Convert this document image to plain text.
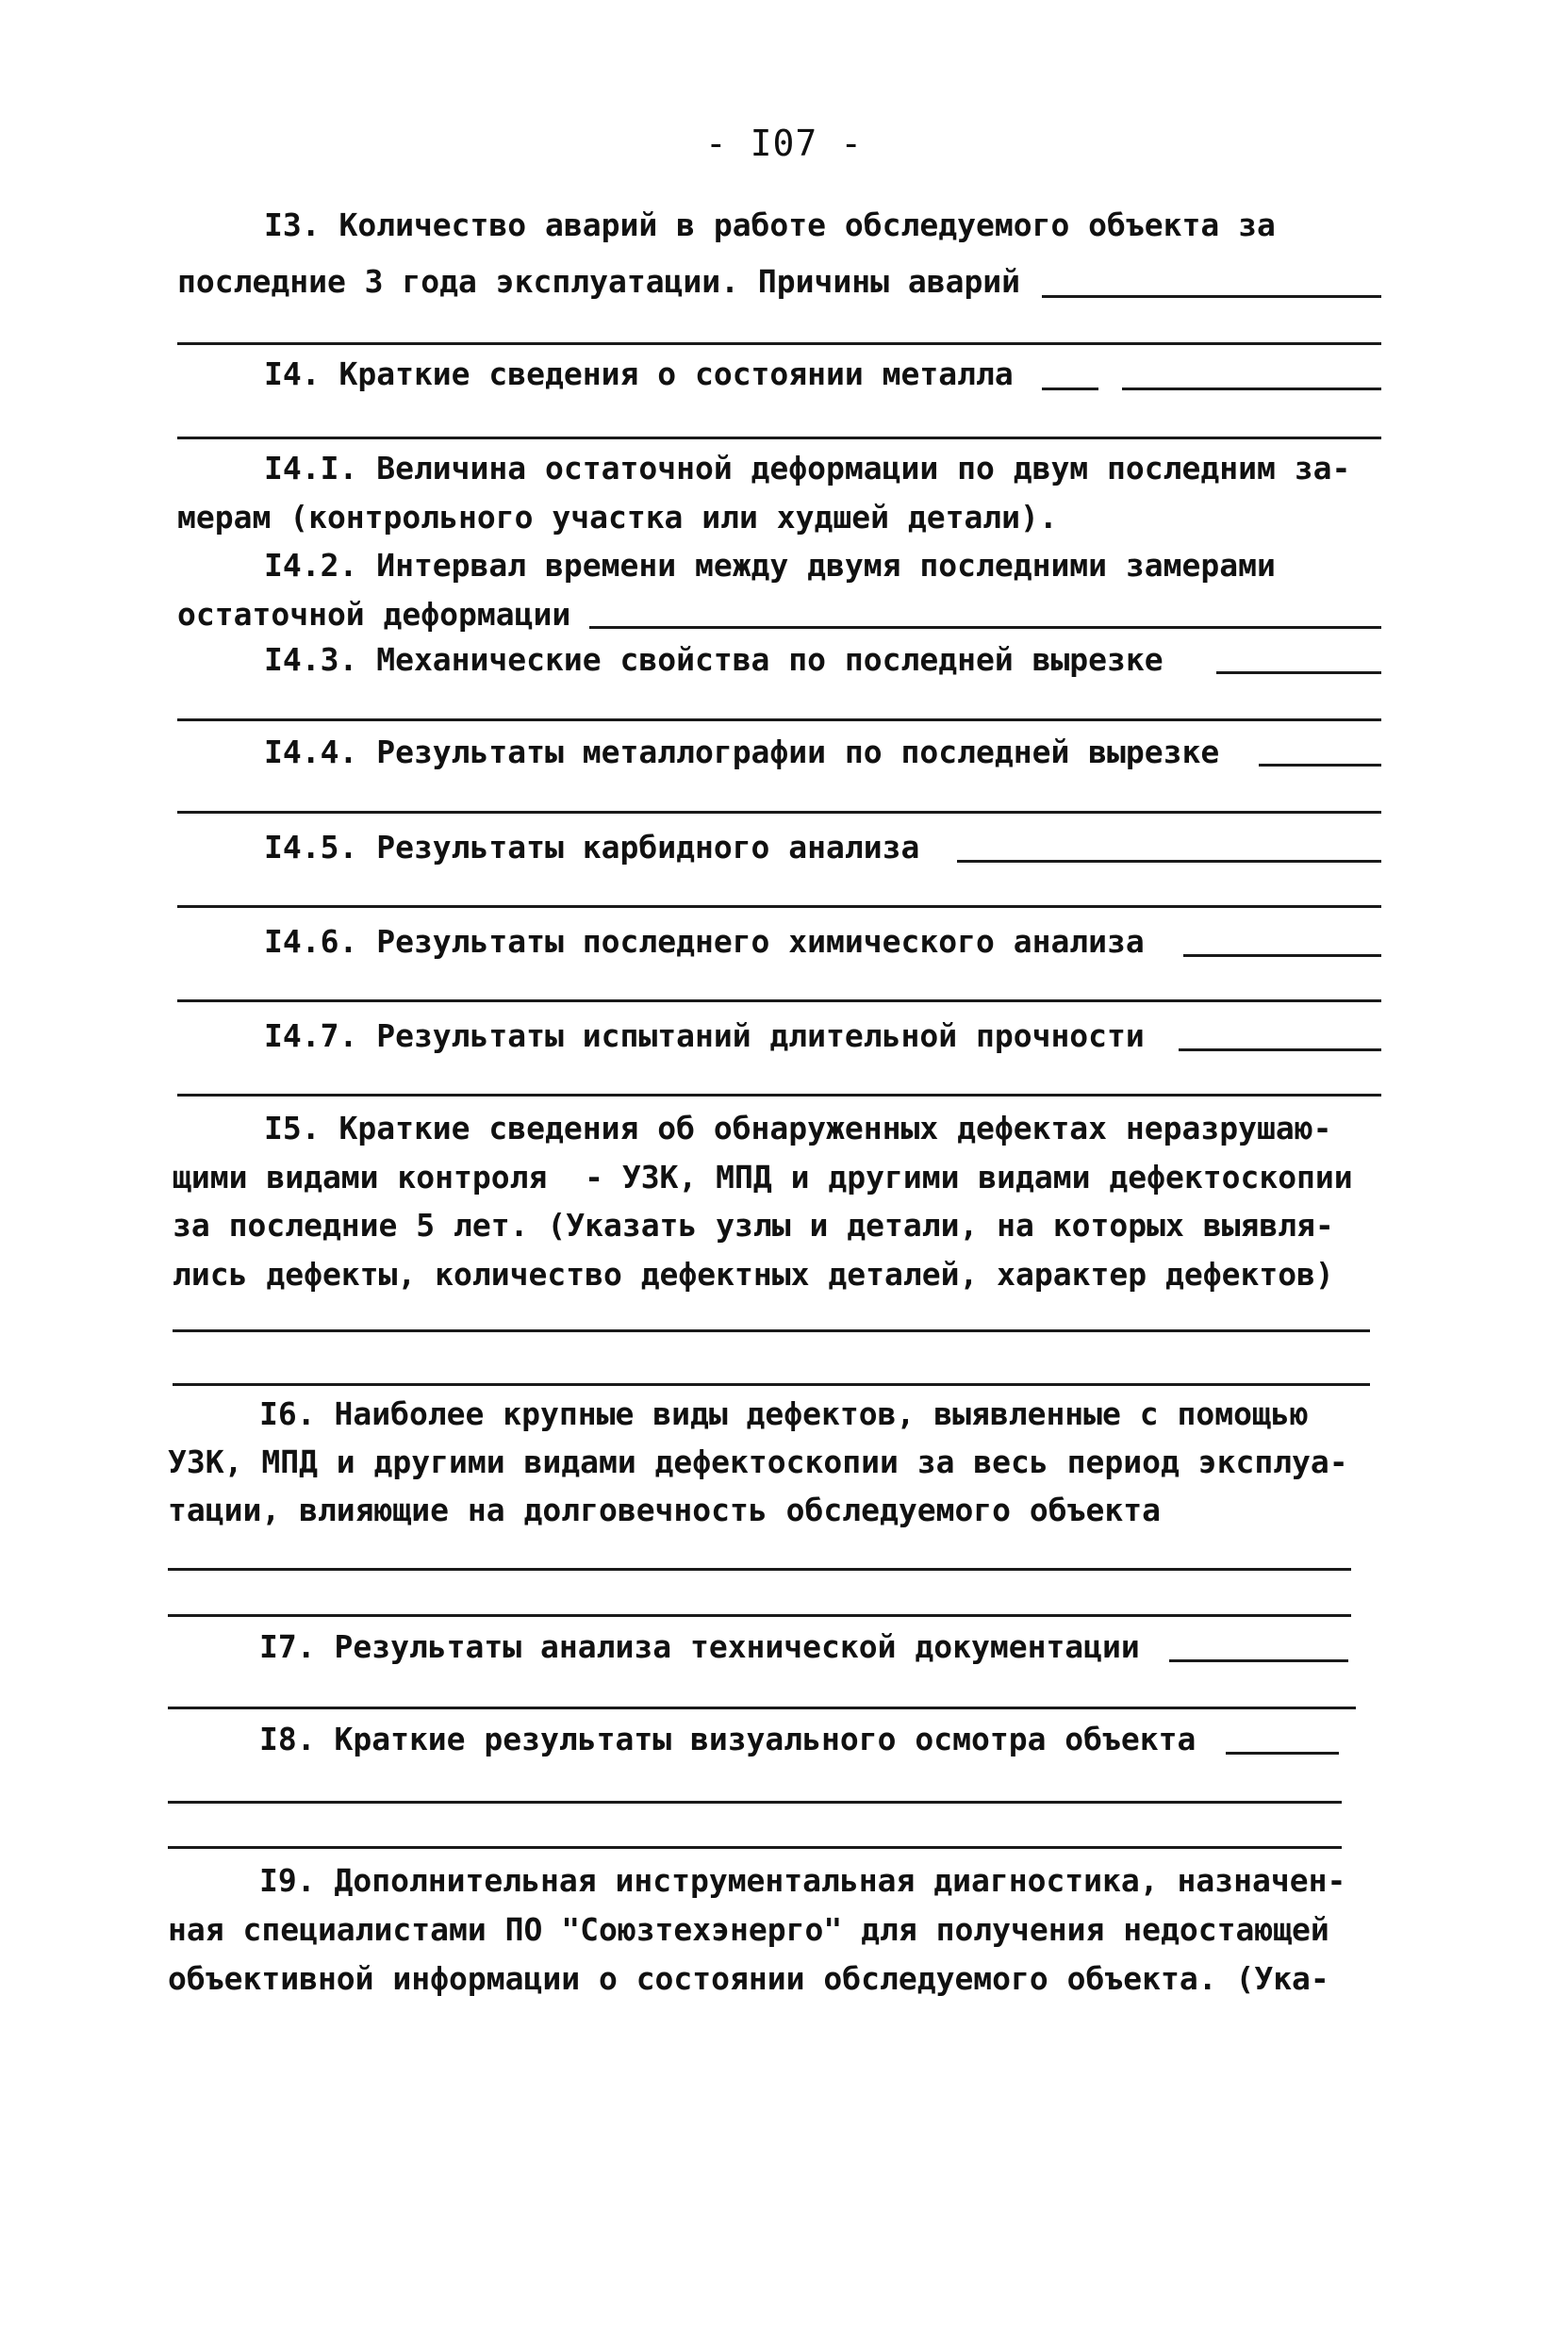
- I07 -
I3. Количество аварий в работе обследуемого объекта за
последние 3 года эксплуатации. Причины аварий
I4. Краткие сведения о состоянии металла
I4.I. Величина остаточной деформации по двум последним за-
мерам (контрольного участка или худшей детали).
I4.2. Интервал времени между двумя последними замерами
остаточной деформации
I4.3. Механические свойства по последней вырезке
I4.4. Результаты металлографии по последней вырезке
I4.5. Результаты карбидного анализа
I4.6. Результаты последнего химического анализа
I4.7. Результаты испытаний длительной прочности
I5. Краткие сведения об обнаруженных дефектах неразрушаю-
щими видами контроля  - УЗК, МПД и другими видами дефектоскопии
за последние 5 лет. (Указать узлы и детали, на которых выявля-
лись дефекты, количество дефектных деталей, характер дефектов)
I6. Наиболее крупные виды дефектов, выявленные с помощью
УЗК, МПД и другими видами дефектоскопии за весь период эксплуа-
тации, влияющие на долговечность обследуемого объекта
I7. Результаты анализа технической документации
I8. Краткие результаты визуального осмотра объекта
I9. Дополнительная инструментальная диагностика, назначен-
ная специалистами ПО "Союзтехэнерго" для получения недостающей
объективной информации о состоянии обследуемого объекта. (Ука-
